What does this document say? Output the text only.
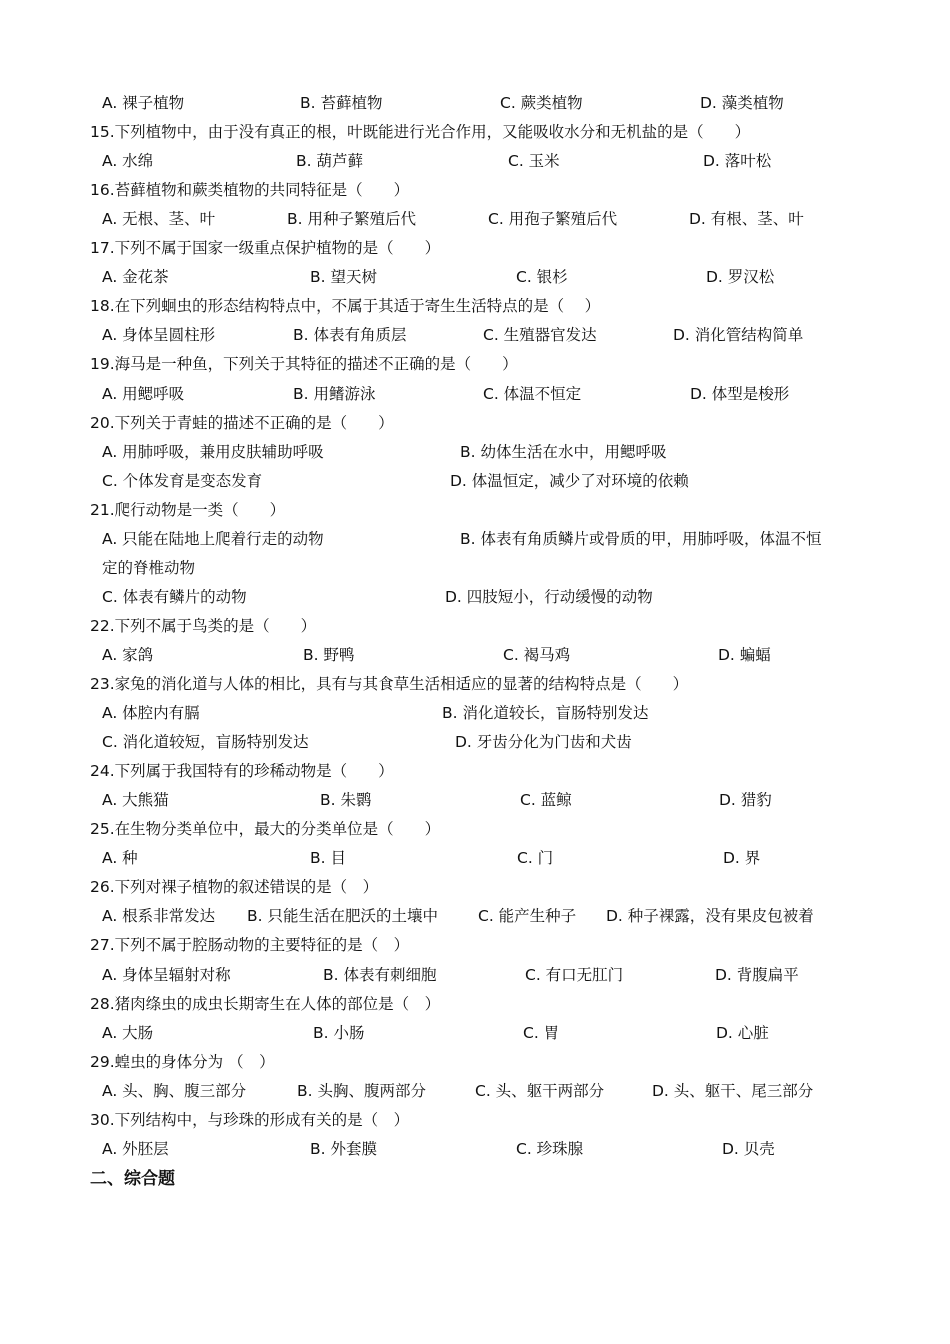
A. 裸子植物	B. 苔藓植物	C. 蕨类植物	D. 藻类植物
15.下列植物中，由于没有真正的根，叶既能进行光合作用，又能吸收水分和无机盐的是（　　）
A. 水绵	B. 葫芦藓	C. 玉米	D. 落叶松
16.苔藓植物和蕨类植物的共同特征是（　　）
A. 无根、茎、叶	B. 用种子繁殖后代	C. 用孢子繁殖后代	D. 有根、茎、叶
17.下列不属于国家一级重点保护植物的是（　　）
A. 金花茶	B. 望天树	C. 银杉	D. 罗汉松
18.在下列蛔虫的形态结构特点中，不属于其适于寄生生活特点的是（　 ）
A. 身体呈圆柱形	B. 体表有角质层	C. 生殖器官发达	D. 消化管结构简单
19.海马是一种鱼，下列关于其特征的描述不正确的是（　　）
A. 用鳃呼吸	B. 用鳍游泳	C. 体温不恒定	D. 体型是梭形
20.下列关于青蛙的描述不正确的是（　　）
A. 用肺呼吸，兼用皮肤辅助呼吸	B. 幼体生活在水中，用鳃呼吸
C. 个体发育是变态发育	D. 体温恒定，减少了对环境的依赖
21.爬行动物是一类（　　）
A. 只能在陆地上爬着行走的动物	B. 体表有角质鳞片或骨质的甲，用肺呼吸，体温不恒
定的脊椎动物
C. 体表有鳞片的动物	D. 四肢短小，行动缓慢的动物
22.下列不属于鸟类的是（　　）
A. 家鸽	B. 野鸭	C. 褐马鸡	D. 蝙蝠
23.家兔的消化道与人体的相比，具有与其食草生活相适应的显著的结构特点是（　　）
A. 体腔内有膈	B. 消化道较长，盲肠特别发达
C. 消化道较短，盲肠特别发达	D. 牙齿分化为门齿和犬齿
24.下列属于我国特有的珍稀动物是（　　）
A. 大熊猫	B. 朱鹮	C. 蓝鲸	D. 猎豹
25.在生物分类单位中，最大的分类单位是（　　）
A. 种	B. 目	C. 门	D. 界
26.下列对裸子植物的叙述错误的是（　）
A. 根系非常发达 B. 只能生活在肥沃的土壤中	C. 能产生种子 D. 种子裸露，没有果皮包被着
27.下列不属于腔肠动物的主要特征的是（　）
A. 身体呈辐射对称	B. 体表有刺细胞	C. 有口无肛门	D. 背腹扁平
28.猪肉绦虫的成虫长期寄生在人体的部位是（　）
A. 大肠	B. 小肠	C. 胃	D. 心脏
29.蝗虫的身体分为 （　）
A. 头、胸、腹三部分	B. 头胸、腹两部分	C. 头、躯干两部分	D. 头、躯干、尾三部分
30.下列结构中，与珍珠的形成有关的是（　）
A. 外胚层	B. 外套膜	C. 珍珠腺	D. 贝壳
二、综合题
